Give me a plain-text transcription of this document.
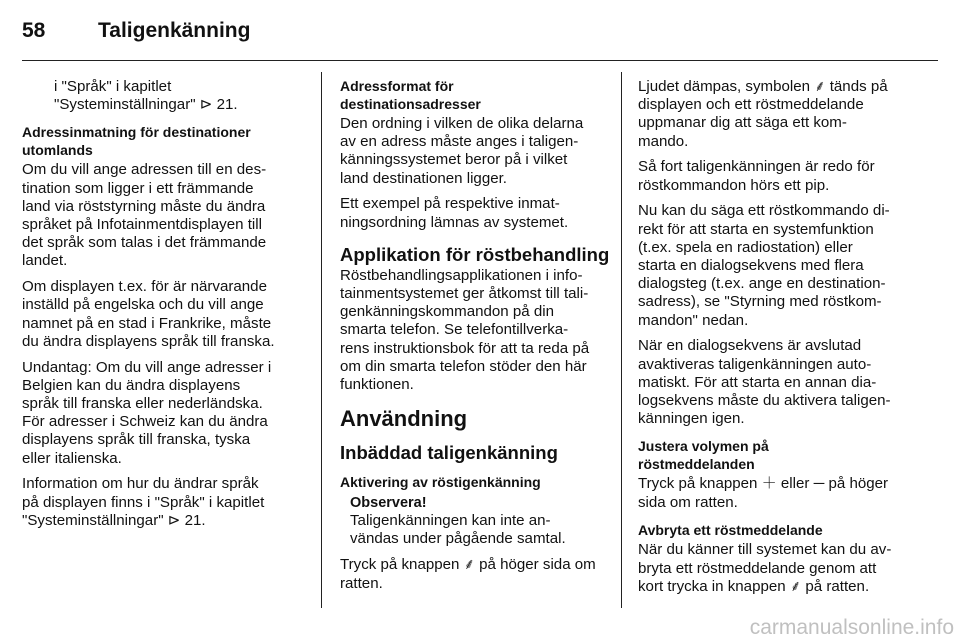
58	Taligenkänning

i "Språk" i kapitlet
"Systeminställningar" ⊳ 21.

Adressinmatning för destinationer
utomlands

Om du vill ange adressen till en des-
tination som ligger i ett främmande
land via röststyrning måste du ändra
språket på Infotainmentdisplayen till
det språk som talas i det främmande
landet.

Om displayen t.ex. för är närvarande
inställd på engelska och du vill ange
namnet på en stad i Frankrike, måste
du ändra displayens språk till franska.

Undantag: Om du vill ange adresser i
Belgien kan du ändra displayens
språk till franska eller nederländska.
För adresser i Schweiz kan du ändra
displayens språk till franska, tyska
eller italienska.

Information om hur du ändrar språk
på displayen finns i "Språk" i kapitlet
"Systeminställningar" ⊳ 21.

Adressformat för
destinationsadresser

Den ordning i vilken de olika delarna
av en adress måste anges i taligen-
känningssystemet beror på i vilket
land destinationen ligger.

Ett exempel på respektive inmat-
ningsordning lämnas av systemet.

Applikation för röstbehandling

Röstbehandlingsapplikationen i info-
tainmentsystemet ger åtkomst till tali-
genkänningskommandon på din
smarta telefon. Se telefontillverka-
rens instruktionsbok för att ta reda på
om din smarta telefon stöder den här
funktionen.

Användning
Inbäddad taligenkänning
Aktivering av röstigenkänning
Observera!

Taligenkänningen kan inte an-
vändas under pågående samtal.

Tryck på knappen ⸙ på höger sida om
ratten.

Ljudet dämpas, symbolen ⸙ tänds på
displayen och ett röstmeddelande
uppmanar dig att säga ett kom-
mando.

Så fort taligenkänningen är redo för
röstkommandon hörs ett pip.

Nu kan du säga ett röstkommando di-
rekt för att starta en systemfunktion
(t.ex. spela en radiostation) eller
starta en dialogsekvens med flera
dialogsteg (t.ex. ange en destination-
sadress), se "Styrning med röstkom-
mandon" nedan.

När en dialogsekvens är avslutad
avaktiveras taligenkänningen auto-
matiskt. För att starta en annan dia-
logsekvens måste du aktivera taligen-
känningen igen.

Justera volymen på
röstmeddelanden

Tryck på knappen ＋ eller ─ på höger
sida om ratten.

Avbryta ett röstmeddelande

När du känner till systemet kan du av-
bryta ett röstmeddelande genom att
kort trycka in knappen ⸙ på ratten.

carmanualsonline.info
